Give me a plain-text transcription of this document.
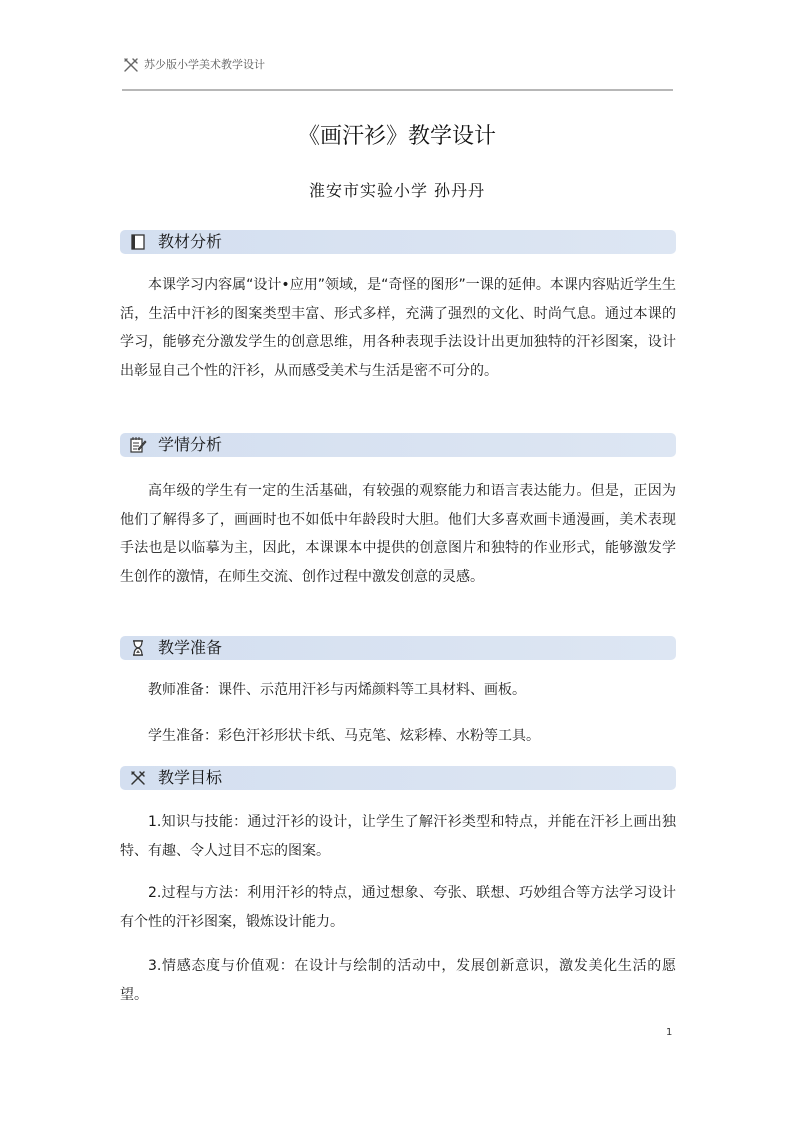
苏少版小学美术教学设计
《画汗衫》教学设计
淮安市实验小学 孙丹丹
教材分析

本课学习内容属“设计•应用”领域，是“奇怪的图形”一课的延伸。本课内容贴近学生生活，生活中汗衫的图案类型丰富、形式多样，充满了强烈的文化、时尚气息。通过本课的学习，能够充分激发学生的创意思维，用各种表现手法设计出更加独特的汗衫图案，设计出彰显自己个性的汗衫，从而感受美术与生活是密不可分的。

学情分析

高年级的学生有一定的生活基础，有较强的观察能力和语言表达能力。但是，正因为他们了解得多了，画画时也不如低中年龄段时大胆。他们大多喜欢画卡通漫画，美术表现手法也是以临摹为主，因此，本课课本中提供的创意图片和独特的作业形式，能够激发学生创作的激情，在师生交流、创作过程中激发创意的灵感。

教学准备

教师准备：课件、示范用汗衫与丙烯颜料等工具材料、画板。

学生准备：彩色汗衫形状卡纸、马克笔、炫彩棒、水粉等工具。

教学目标

1.知识与技能：通过汗衫的设计，让学生了解汗衫类型和特点，并能在汗衫上画出独特、有趣、令人过目不忘的图案。

2.过程与方法：利用汗衫的特点，通过想象、夸张、联想、巧妙组合等方法学习设计有个性的汗衫图案，锻炼设计能力。

3.情感态度与价值观：在设计与绘制的活动中，发展创新意识，激发美化生活的愿望。

1
